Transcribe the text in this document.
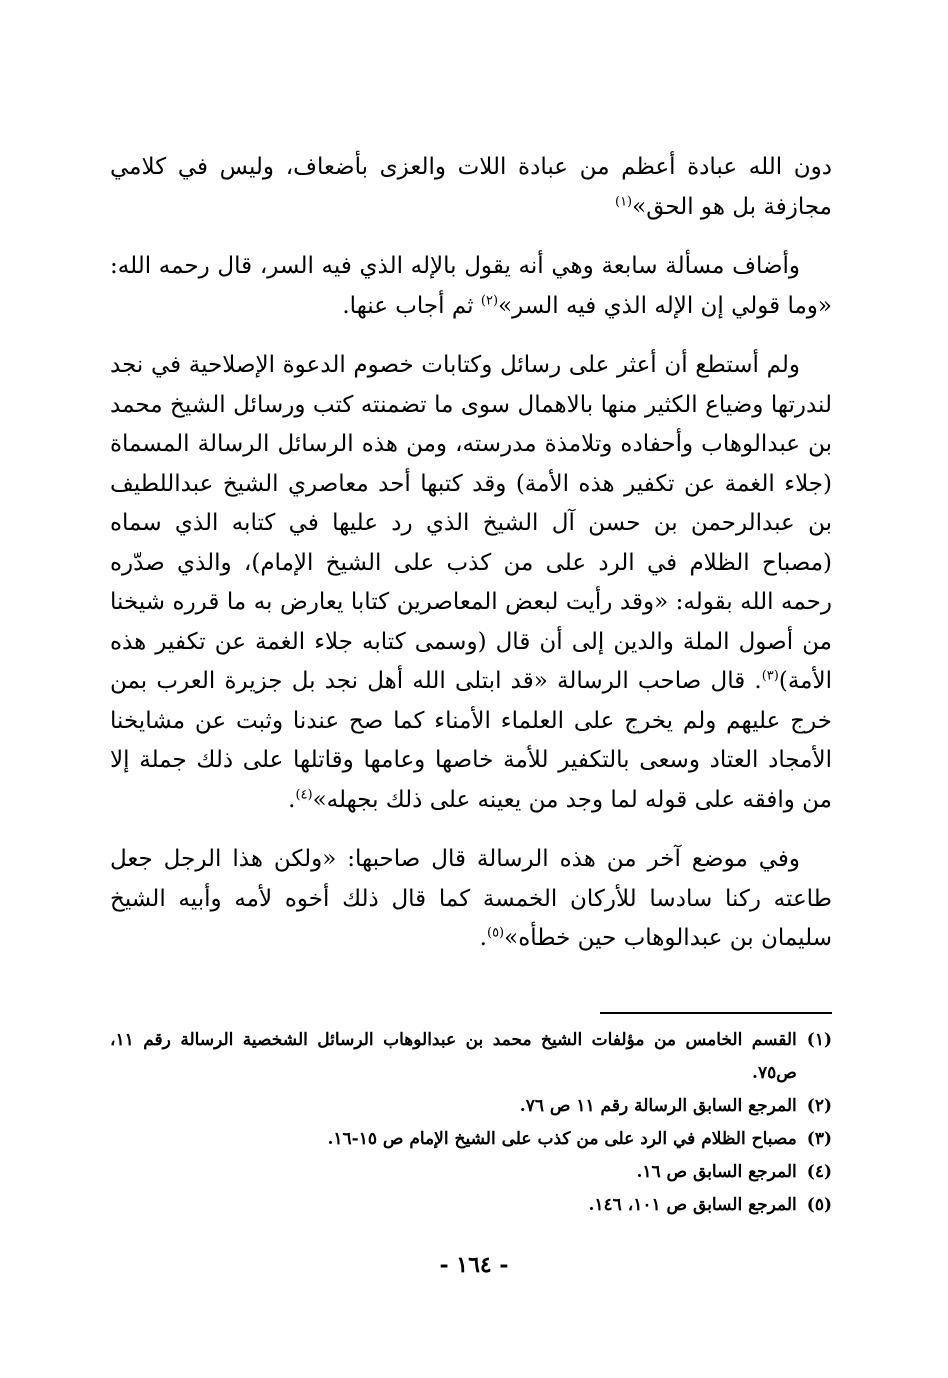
دون الله عبادة أعظم من عبادة اللات والعزى بأضعاف، وليس في كلامي مجازفة بل هو الحق»$^{(١)}$

وأضاف مسألة سابعة وهي أنه يقول بالإله الذي فيه السر، قال رحمه الله: «وما قولي إن الإله الذي فيه السر»$^{(٢)}$ ثم أجاب عنها.

ولم أستطع أن أعثر على رسائل وكتابات خصوم الدعوة الإصلاحية في نجد لندرتها وضياع الكثير منها بالاهمال سوى ما تضمنته كتب ورسائل الشيخ محمد بن عبدالوهاب وأحفاده وتلامذة مدرسته، ومن هذه الرسائل الرسالة المسماة (جلاء الغمة عن تكفير هذه الأمة) وقد كتبها أحد معاصري الشيخ عبداللطيف بن عبدالرحمن بن حسن آل الشيخ الذي رد عليها في كتابه الذي سماه (مصباح الظلام في الرد على من كذب على الشيخ الإمام)، والذي صدّره رحمه الله بقوله: «وقد رأيت لبعض المعاصرين كتابا يعارض به ما قرره شيخنا من أصول الملة والدين إلى أن قال (وسمى كتابه جلاء الغمة عن تكفير هذه الأمة)$^{(٣)}$. قال صاحب الرسالة «قد ابتلى الله أهل نجد بل جزيرة العرب بمن خرج عليهم ولم يخرج على العلماء الأمناء كما صح عندنا وثبت عن مشايخنا الأمجاد العتاد وسعى بالتكفير للأمة خاصها وعامها وقاتلها على ذلك جملة إلا من وافقه على قوله لما وجد من يعينه على ذلك بجهله»$^{(٤)}$.

وفي موضع آخر من هذه الرسالة قال صاحبها: «ولكن هذا الرجل جعل طاعته ركنا سادسا للأركان الخمسة كما قال ذلك أخوه لأمه وأبيه الشيخ سليمان بن عبدالوهاب حين خطأه»$^{(٥)}$.

(١)
القسم الخامس من مؤلفات الشيخ محمد بن عبدالوهاب الرسائل الشخصية الرسالة رقم ١١، ص٧٥.
(٢)
المرجع السابق الرسالة رقم ١١ ص ٧٦.
(٣)
مصباح الظلام في الرد على من كذب على الشيخ الإمام ص ١٥-١٦.
(٤)
المرجع السابق ص ١٦.
(٥)
المرجع السابق ص ١٠١، ١٤٦.
- ١٦٤ -
